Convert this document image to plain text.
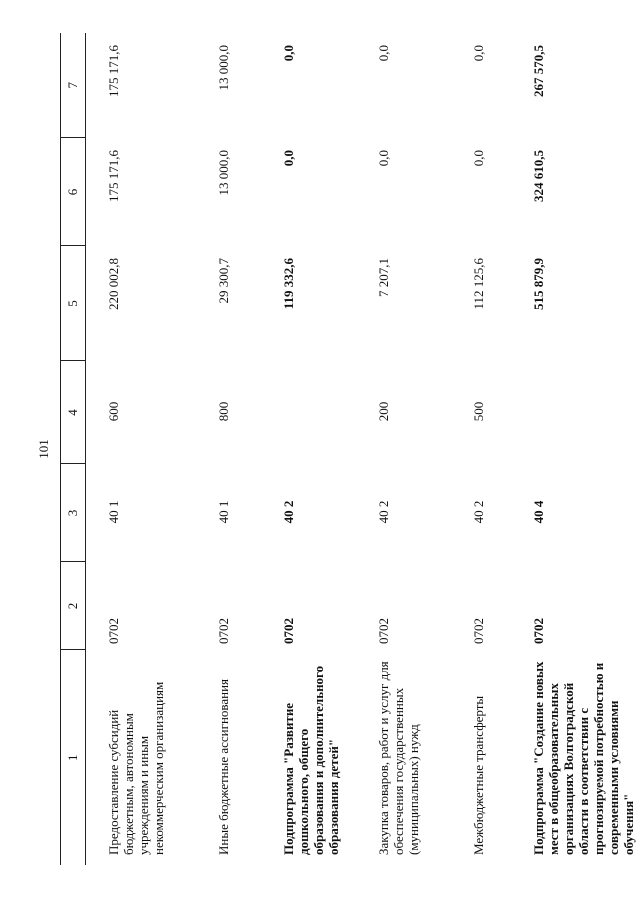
101
1	2	3	4	5	6	7
Предоставление субсидий бюджетным, автономным учреждениям и иным некоммерческим организациям	0702	40 1	600	220 002,8	175 171,6	175 171,6
Иные бюджетные ассигнования	0702	40 1	800	29 300,7	13 000,0	13 000,0
Подпрограмма "Развитие дошкольного, общего образования и дополнительного образования детей"	0702	40 2		119 332,6	0,0	0,0
Закупка товаров, работ и услуг для обеспечения государственных (муниципальных) нужд	0702	40 2	200	7 207,1	0,0	0,0
Межбюджетные трансферты	0702	40 2	500	112 125,6	0,0	0,0
Подпрограмма "Создание новых мест в общеобразовательных организациях Волгоградской области в соответствии с прогнозируемой потребностью и современными условиями обучения"	0702	40 4		515 879,9	324 610,5	267 570,5
